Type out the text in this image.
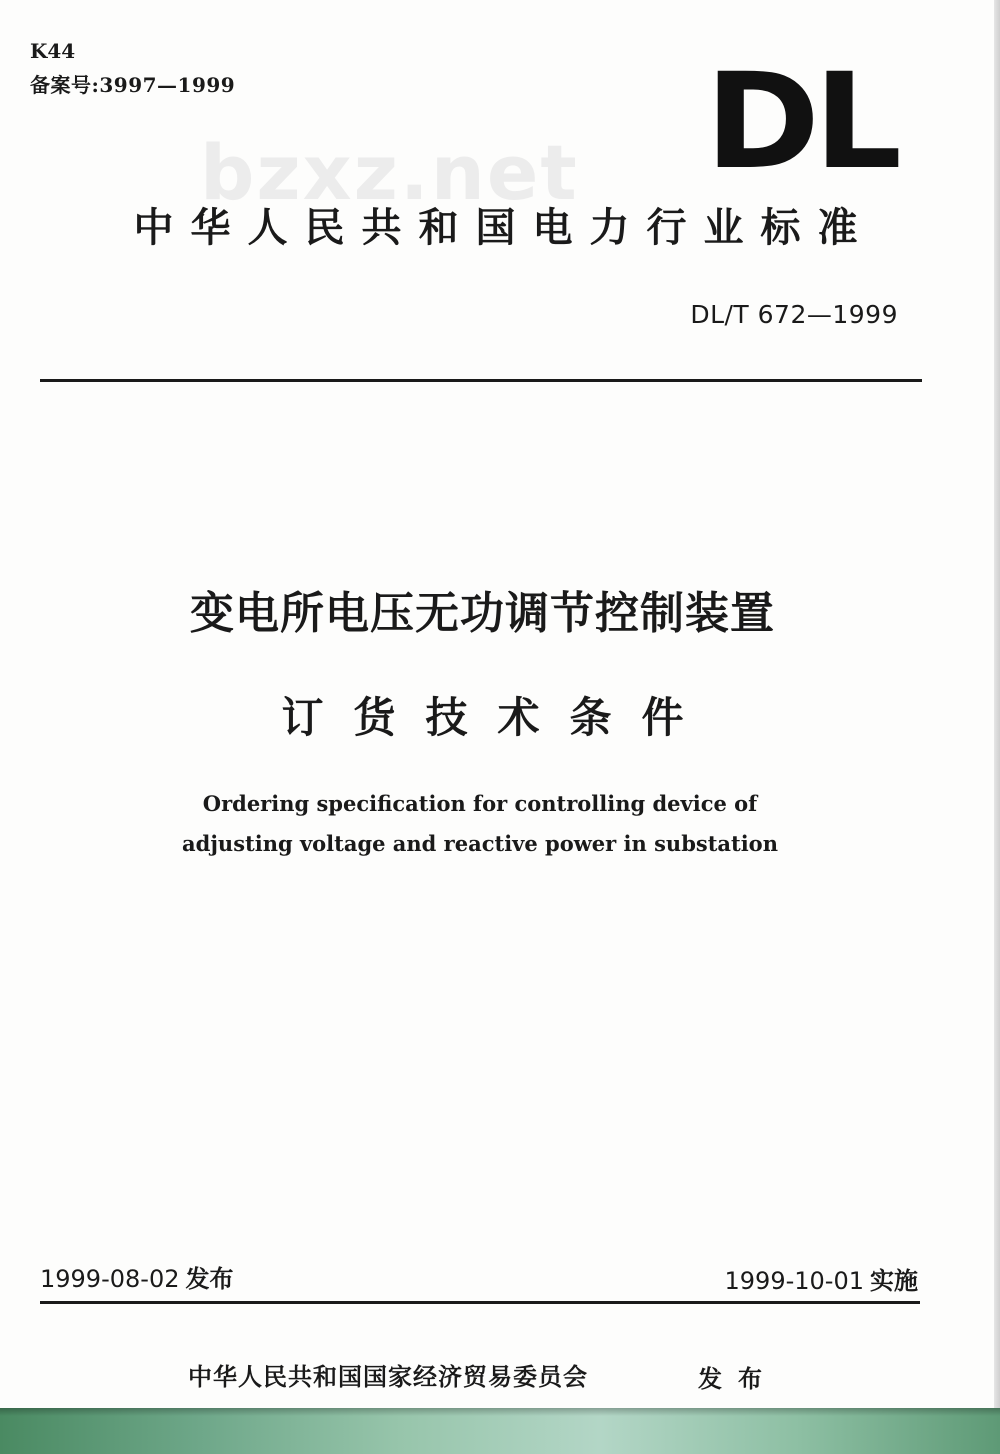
K44
备案号:3997—1999
bzxz.net DL
中华人民共和国电力行业标准
DL/T 672—1999
变电所电压无功调节控制装置
订货技术条件
Ordering specification for controlling device of
adjusting voltage and reactive power in substation
1999-08-02 发布	1999-10-01 实施
中华人民共和国国家经济贸易委员会	发布
